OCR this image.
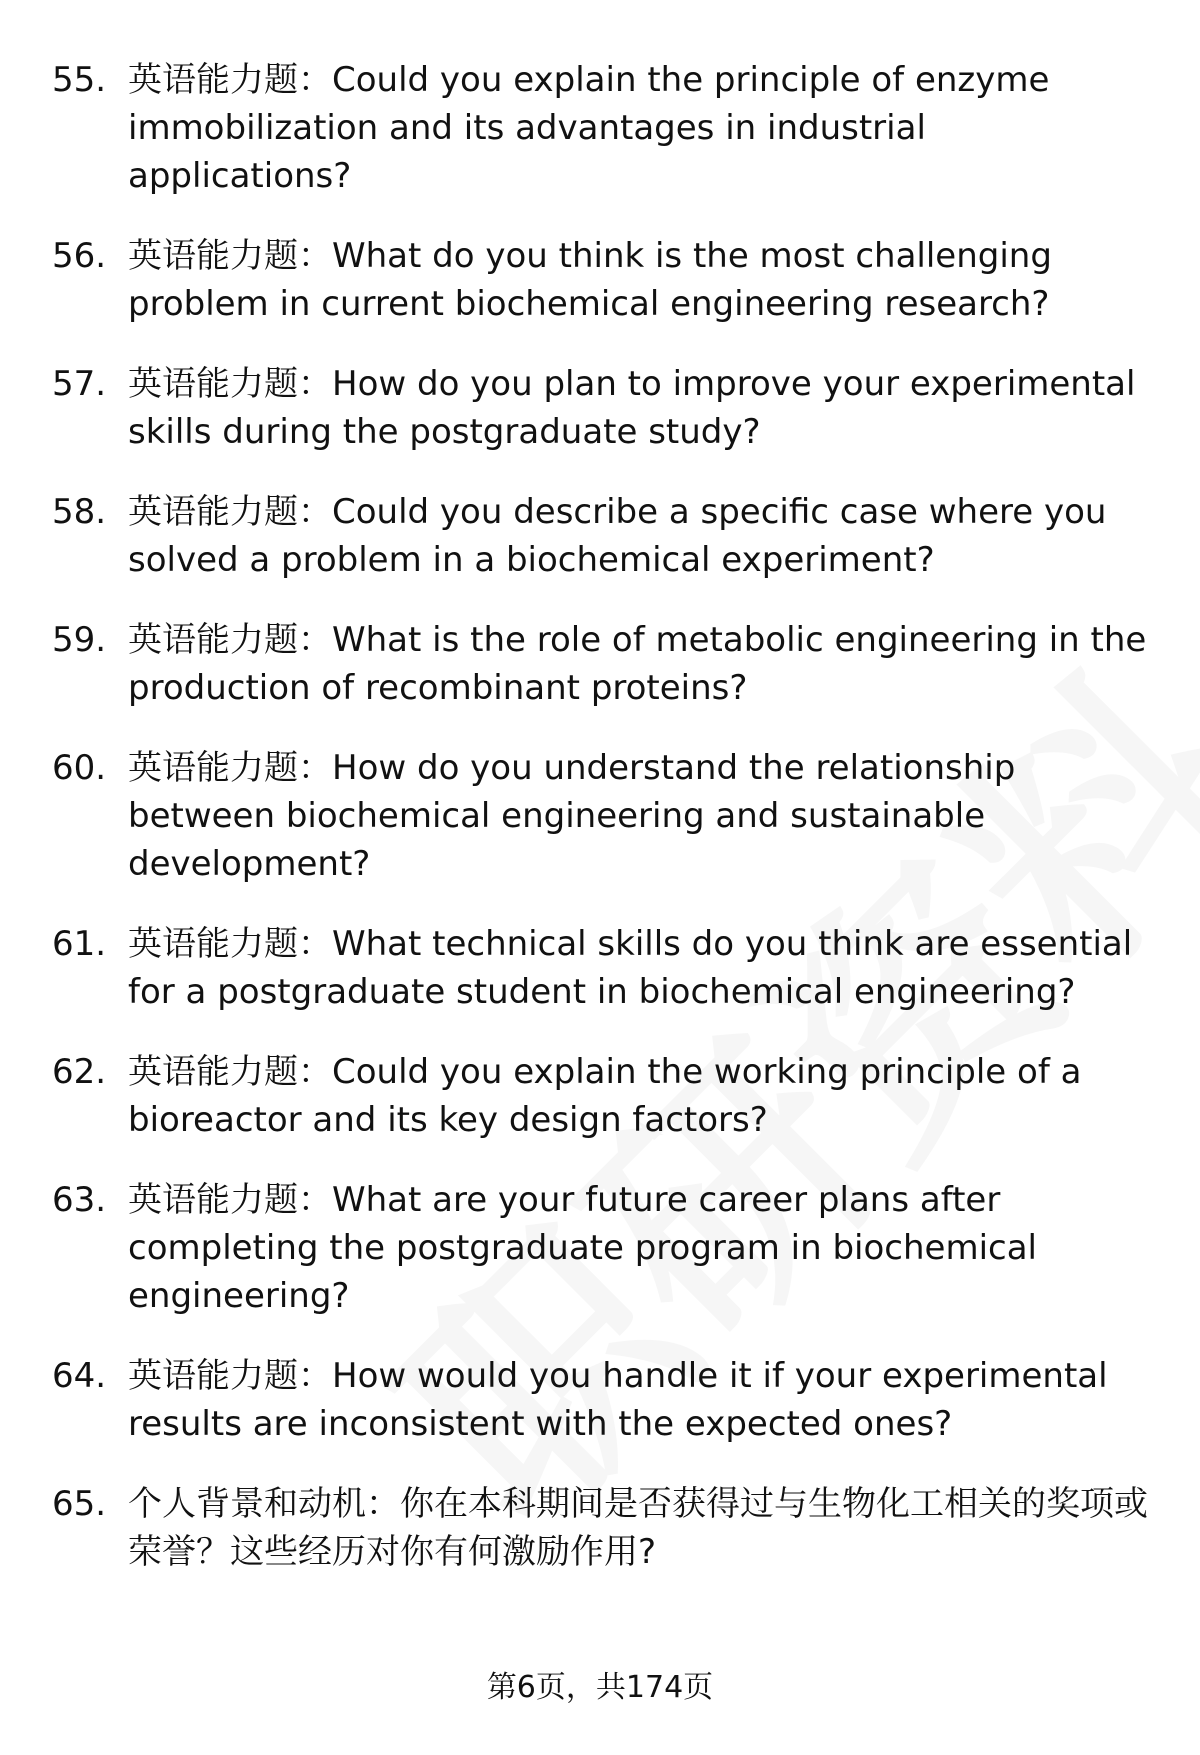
55. 英语能力题：Could you explain the principle of enzyme immobilization and its advantages in industrial applications?
56. 英语能力题：What do you think is the most challenging problem in current biochemical engineering research?
57. 英语能力题：How do you plan to improve your experimental skills during the postgraduate study?
58. 英语能力题：Could you describe a specific case where you solved a problem in a biochemical experiment?
59. 英语能力题：What is the role of metabolic engineering in the production of recombinant proteins?
60. 英语能力题：How do you understand the relationship between biochemical engineering and sustainable development?
61. 英语能力题：What technical skills do you think are essential for a postgraduate student in biochemical engineering?
62. 英语能力题：Could you explain the working principle of a bioreactor and its key design factors?
63. 英语能力题：What are your future career plans after completing the postgraduate program in biochemical engineering?
64. 英语能力题：How would you handle it if your experimental results are inconsistent with the expected ones?
65. 个人背景和动机：你在本科期间是否获得过与生物化工相关的奖项或荣誉？这些经历对你有何激励作用?
第6页，共174页
